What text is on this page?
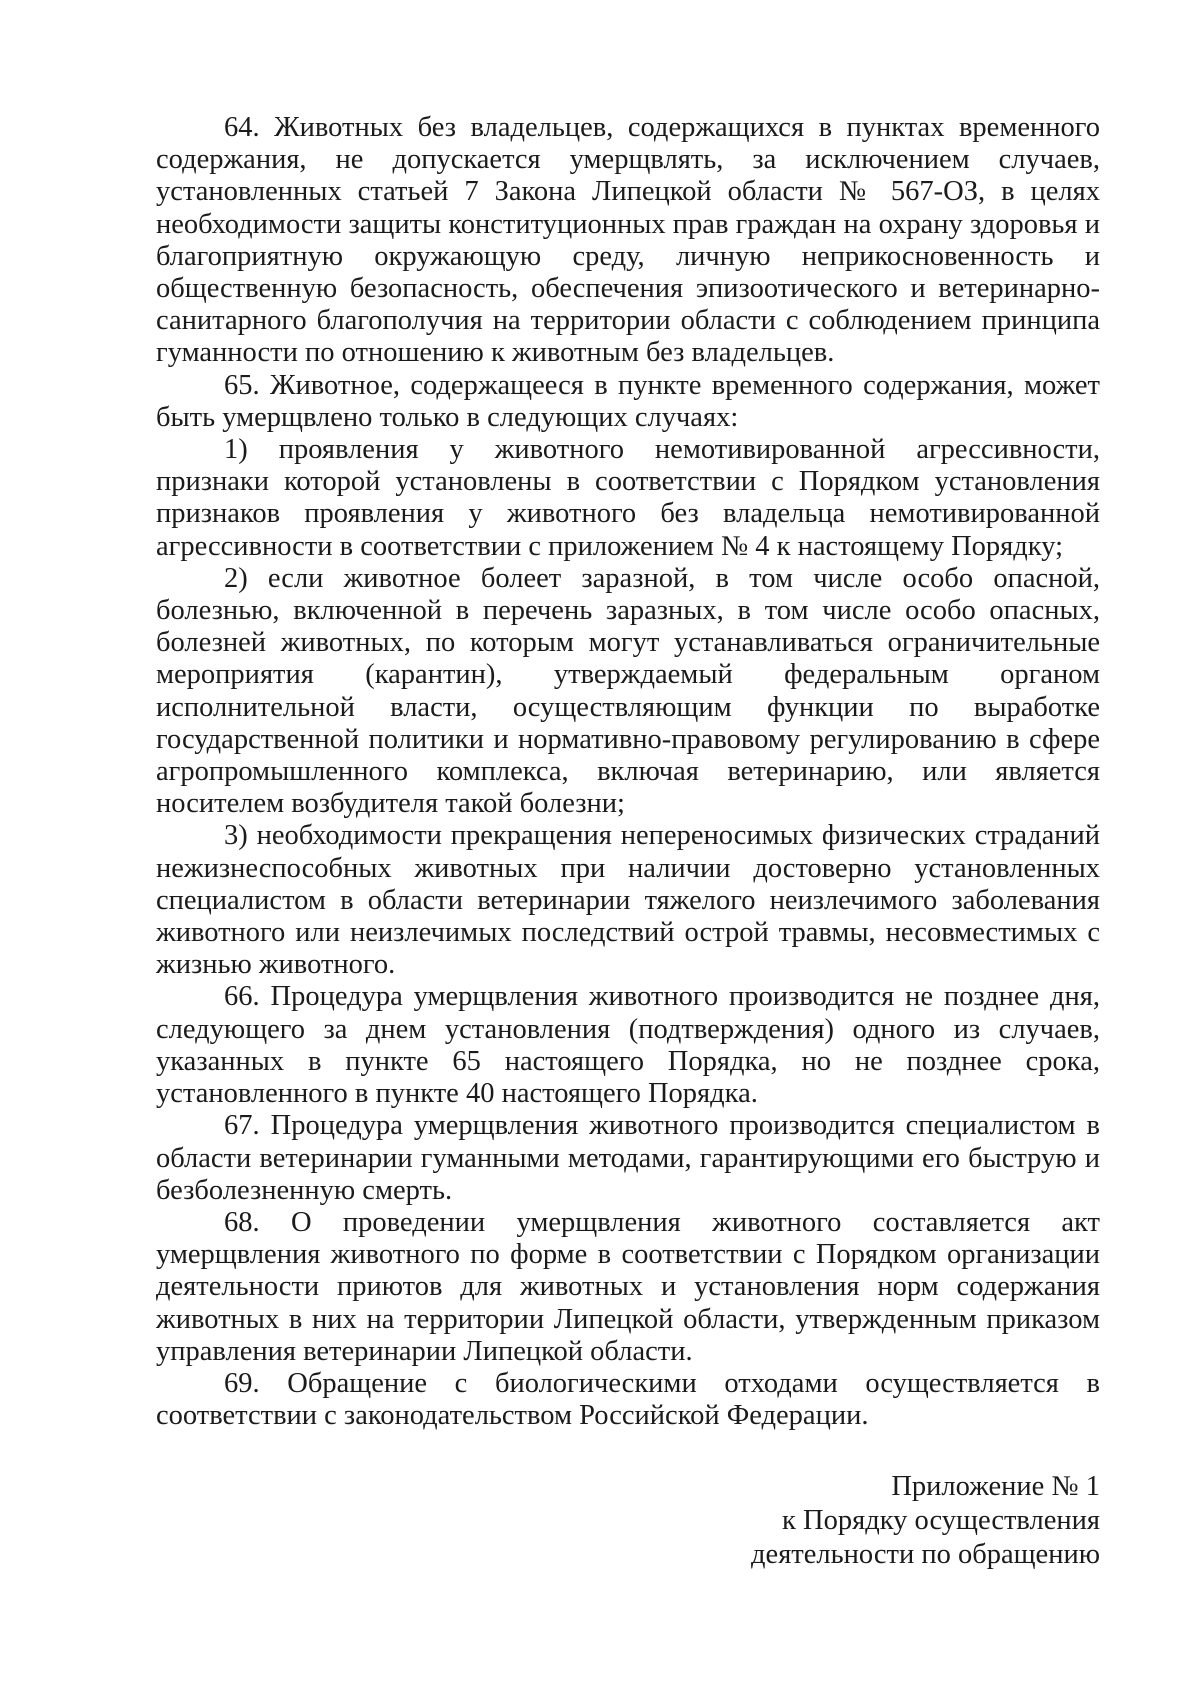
64. Животных без владельцев, содержащихся в пунктах временного содержания, не допускается умерщвлять, за исключением случаев, установленных статьей 7 Закона Липецкой области № 567-ОЗ, в целях необходимости защиты конституционных прав граждан на охрану здоровья и благоприятную окружающую среду, личную неприкосновенность и общественную безопасность, обеспечения эпизоотического и ветеринарно-санитарного благополучия на территории области с соблюдением принципа гуманности по отношению к животным без владельцев.

65. Животное, содержащееся в пункте временного содержания, может быть умерщвлено только в следующих случаях:

1) проявления у животного немотивированной агрессивности, признаки которой установлены в соответствии с Порядком установления признаков проявления у животного без владельца немотивированной агрессивности в соответствии с приложением № 4 к настоящему Порядку;

2) если животное болеет заразной, в том числе особо опасной, болезнью, включенной в перечень заразных, в том числе особо опасных, болезней животных, по которым могут устанавливаться ограничительные мероприятия (карантин), утверждаемый федеральным органом исполнительной власти, осуществляющим функции по выработке государственной политики и нормативно-правовому регулированию в сфере агропромышленного комплекса, включая ветеринарию, или является носителем возбудителя такой болезни;

3) необходимости прекращения непереносимых физических страданий нежизнеспособных животных при наличии достоверно установленных специалистом в области ветеринарии тяжелого неизлечимого заболевания животного или неизлечимых последствий острой травмы, несовместимых с жизнью животного.

66. Процедура умерщвления животного производится не позднее дня, следующего за днем установления (подтверждения) одного из случаев, указанных в пункте 65 настоящего Порядка, но не позднее срока, установленного в пункте 40 настоящего Порядка.

67. Процедура умерщвления животного производится специалистом в области ветеринарии гуманными методами, гарантирующими его быструю и безболезненную смерть.

68. О проведении умерщвления животного составляется акт умерщвления животного по форме в соответствии с Порядком организации деятельности приютов для животных и установления норм содержания животных в них на территории Липецкой области, утвержденным приказом управления ветеринарии Липецкой области.

69. Обращение с биологическими отходами осуществляется в соответствии с законодательством Российской Федерации.

Приложение № 1
к Порядку осуществления
деятельности по обращению
